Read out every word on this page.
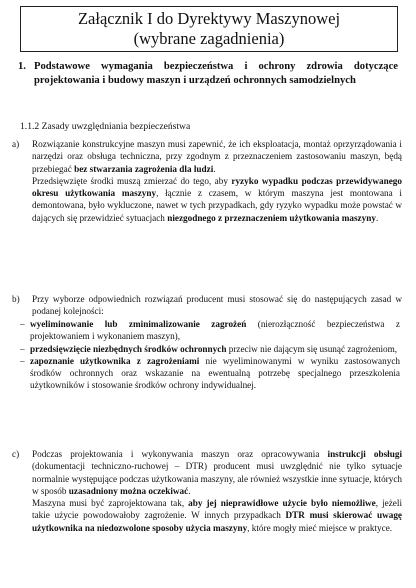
Załącznik I do Dyrektywy Maszynowej
(wybrane zagadnienia)
1. Podstawowe wymagania bezpieczeństwa i ochrony zdrowia dotyczące projektowania i budowy maszyn i urządzeń ochronnych samodzielnych
1.1.2 Zasady uwzględniania bezpieczeństwa
a) Rozwiązanie konstrukcyjne maszyn musi zapewnić, że ich eksploatacja, montaż oprzyrządowania i narzędzi oraz obsługa techniczna, przy zgodnym z przeznaczeniem zastosowaniu maszyn, będą przebiegać bez stwarzania zagrożenia dla ludzi.

Przedsięwzięte środki muszą zmierzać do tego, aby ryzyko wypadku podczas przewidywanego okresu użytkowania maszyny, łącznie z czasem, w którym maszyna jest montowana i demontowana, było wykluczone, nawet w tych przypadkach, gdy ryzyko wypadku może powstać w dających się przewidzieć sytuacjach niezgodnego z przeznaczeniem użytkowania maszyny.

b) Przy wyborze odpowiednich rozwiązań producent musi stosować się do następujących zasad w podanej kolejności:

– wyeliminowanie lub zminimalizowanie zagrożeń (nierozłączność bezpieczeństwa z projektowaniem i wykonaniem maszyn),
– przedsięwzięcie niezbędnych środków ochronnych przeciw nie dającym się usunąć zagrożeniom,
– zapoznanie użytkownika z zagrożeniami nie wyeliminowanymi w wyniku zastosowanych środków ochronnych oraz wskazanie na ewentualną potrzebę specjalnego przeszkolenia użytkowników i stosowanie środków ochrony indywidualnej.
c) Podczas projektowania i wykonywania maszyn oraz opracowywania instrukcji obsługi (dokumentacji techniczno-ruchowej – DTR) producent musi uwzględnić nie tylko sytuacje normalnie występujące podczas użytkowania maszyny, ale również wszystkie inne sytuacje, których w sposób uzasadniony można oczekiwać.

Maszyna musi być zaprojektowana tak, aby jej nieprawidłowe użycie było niemożliwe, jeżeli takie użycie powodowałoby zagrożenie. W innych przypadkach DTR musi skierować uwagę użytkownika na niedozwolone sposoby użycia maszyny, które mogły mieć miejsce w praktyce.
